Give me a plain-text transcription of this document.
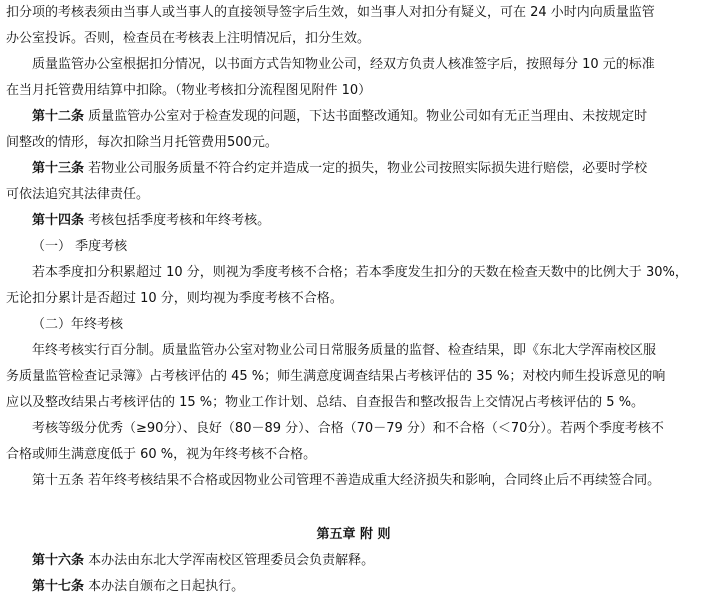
扣分项的考核表须由当事人或当事人的直接领导签字后生效，如当事人对扣分有疑义，可在 24 小时内向质量监管
办公室投诉。否则，检查员在考核表上注明情况后，扣分生效。
质量监管办公室根据扣分情况，以书面方式告知物业公司，经双方负责人核准签字后，按照每分 10 元的标准
在当月托管费用结算中扣除。（物业考核扣分流程图见附件 10）
第十二条 质量监管办公室对于检查发现的问题，下达书面整改通知。物业公司如有无正当理由、未按规定时
间整改的情形，每次扣除当月托管费用500元。
第十三条 若物业公司服务质量不符合约定并造成一定的损失，物业公司按照实际损失进行赔偿，必要时学校
可依法追究其法律责任。
第十四条 考核包括季度考核和年终考核。
（一） 季度考核
若本季度扣分积累超过 10 分，则视为季度考核不合格；若本季度发生扣分的天数在检查天数中的比例大于 30%，
无论扣分累计是否超过 10 分，则均视为季度考核不合格。
（二）年终考核
年终考核实行百分制。质量监管办公室对物业公司日常服务质量的监督、检查结果，即《东北大学浑南校区服
务质量监管检查记录簿》占考核评估的 45 %；师生满意度调查结果占考核评估的 35 %；对校内师生投诉意见的响
应以及整改结果占考核评估的 15 %；物业工作计划、总结、自查报告和整改报告上交情况占考核评估的 5 %。
考核等级分优秀（≥90分）、良好（80－89 分）、合格（70－79 分）和不合格（＜70分）。若两个季度考核不
合格或师生满意度低于 60 %，视为年终考核不合格。
第十五条 若年终考核结果不合格或因物业公司管理不善造成重大经济损失和影响，合同终止后不再续签合同。
第五章 附 则
第十六条 本办法由东北大学浑南校区管理委员会负责解释。
第十七条 本办法自颁布之日起执行。
